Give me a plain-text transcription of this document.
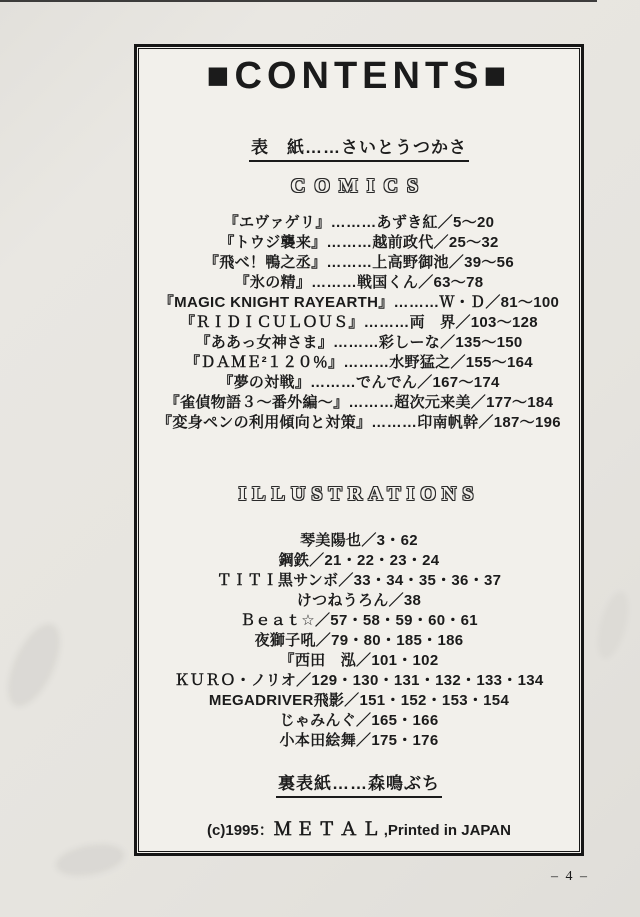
■CONTENTS■
表　紙……さいとうつかさ
COMICS
『エヴァゲリ』………あずき紅／5～20
『トウジ襲来』………越前政代／25～32
『飛べ！鴨之丞』………上高野御池／39～56
『氷の精』………戦国くん／63～78
『MAGIC KNIGHT RAYEARTH』………Ｗ・Ｄ／81～100
『ＲＩＤＩＣＵＬＯＵＳ』………両　界／103～128
『ああっ女神さま』………彩しーな／135～150
『ＤＡＭＥ²１２０％』………水野猛之／155～164
『夢の対戦』………でんでん／167～174
『雀偵物語３～番外編～』………超次元来美／177～184
『変身ペンの利用傾向と対策』………印南帆幹／187～196
ILLUSTRATIONS
琴美陽也／3・62
鋼鉄／21・22・23・24
ＴＩＴＩ黒サンボ／33・34・35・36・37
けつねうろん／38
Ｂｅａｔ☆／57・58・59・60・61
夜獅子吼／79・80・185・186
『西田　泓／101・102
ＫＵＲＯ・ノリオ／129・130・131・132・133・134
MEGADRIVER飛影／151・152・153・154
じゃみんぐ／165・166
小本田絵舞／175・176
裏表紙……森鳴ぶち
(c)1995：ＭＥＴＡＬ,Printed in JAPAN
– 4 –
